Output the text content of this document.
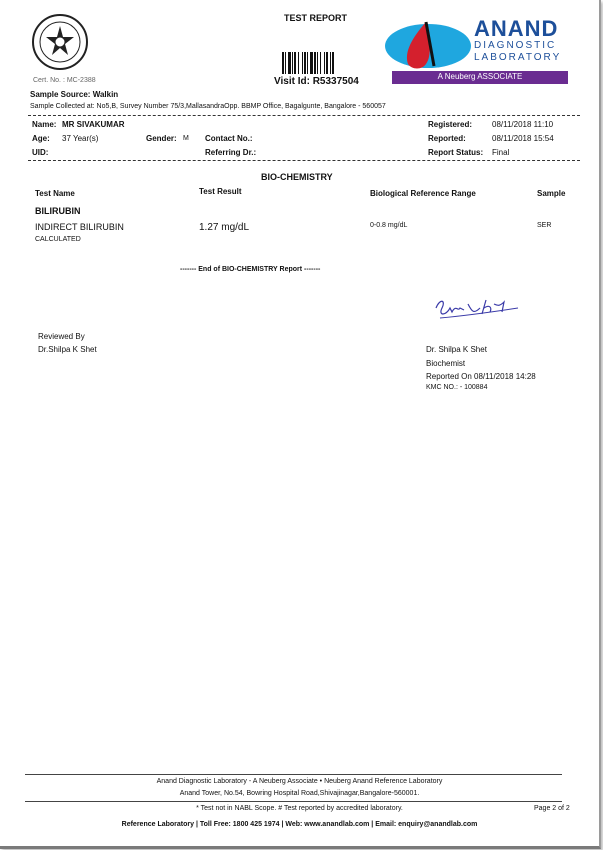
Cert. No. : MC-2388
TEST REPORT
Visit Id: R5337504
ANAND
DIAGNOSTIC
LABORATORY
A Neuberg ASSOCIATE
Sample Source: Walkin
Sample Collected at: No5,B, Survey Number 75/3,MallasandraOpp. BBMP Office, Bagalgunte, Bangalore - 560057
Name: MR SIVAKUMAR
Age: 37 Year(s)	Gender: M Contact No.:
UID:	Referring Dr.:
Registered: 08/11/2018 11:10
Reported:	08/11/2018 15:54
Report Status: Final
BIO-CHEMISTRY
Test Name	Test Result	Biological Reference Range	Sample
BILIRUBIN
INDIRECT BILIRUBIN
CALCULATED
1.27 mg/dL	0-0.8 mg/dL	SER
------- End of BIO-CHEMISTRY Report -------
Reviewed By
Dr.Shilpa K Shet	Dr. Shilpa K Shet
Biochemist
Reported On 08/11/2018 14:28
KMC NO.: - 100884
Anand Diagnostic Laboratory - A Neuberg Associate • Neuberg Anand Reference Laboratory
Anand Tower, No.54, Bowring Hospital Road,Shivajinagar,Bangalore-560001.
* Test not in NABL Scope. # Test reported by accredited laboratory.	Page 2 of 2
Reference Laboratory | Toll Free: 1800 425 1974 | Web: www.anandlab.com | Email: enquiry@anandlab.com
